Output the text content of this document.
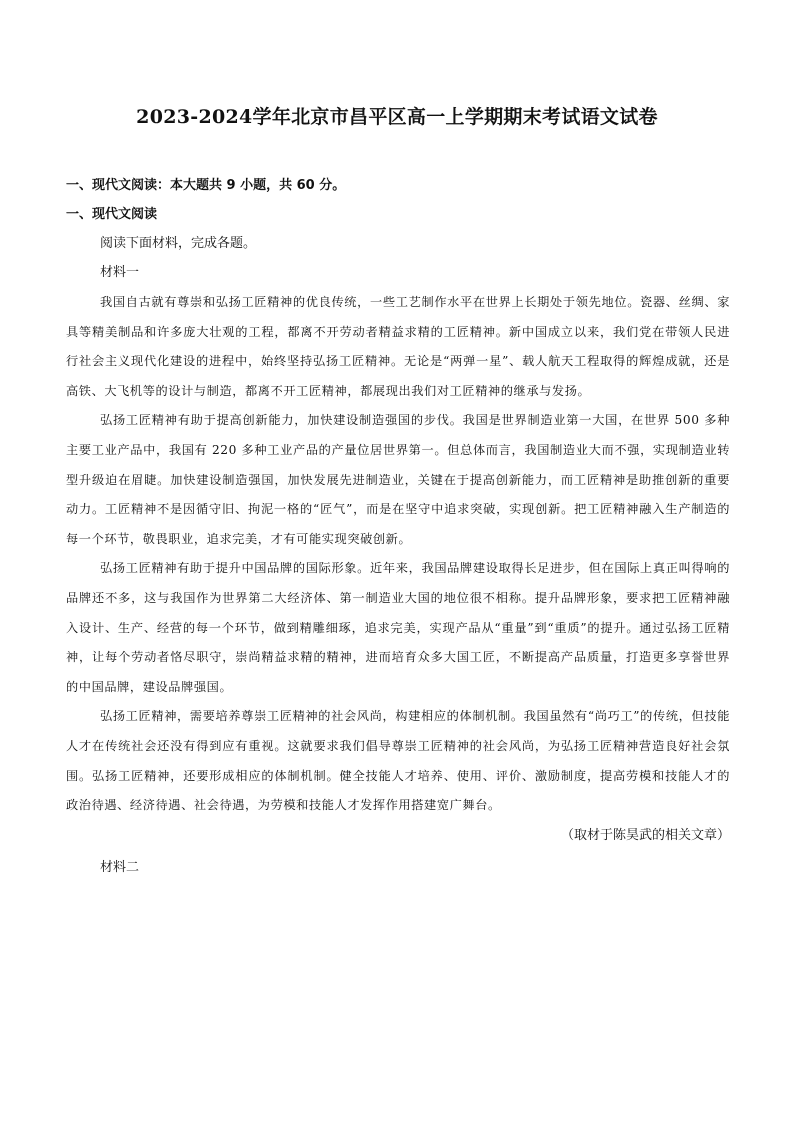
2023-2024学年北京市昌平区高一上学期期末考试语文试卷

一、现代文阅读：本大题共 9 小题，共 60 分。

一、现代文阅读

阅读下面材料，完成各题。

材料一

我国自古就有尊崇和弘扬工匠精神的优良传统，一些工艺制作水平在世界上长期处于领先地位。瓷器、丝绸、家具等精美制品和许多庞大壮观的工程，都离不开劳动者精益求精的工匠精神。新中国成立以来，我们党在带领人民进行社会主义现代化建设的进程中，始终坚持弘扬工匠精神。无论是“两弹一星”、载人航天工程取得的辉煌成就，还是高铁、大飞机等的设计与制造，都离不开工匠精神，都展现出我们对工匠精神的继承与发扬。

弘扬工匠精神有助于提高创新能力，加快建设制造强国的步伐。我国是世界制造业第一大国，在世界 500 多种主要工业产品中，我国有 220 多种工业产品的产量位居世界第一。但总体而言，我国制造业大而不强，实现制造业转型升级迫在眉睫。加快建设制造强国，加快发展先进制造业，关键在于提高创新能力，而工匠精神是助推创新的重要动力。工匠精神不是因循守旧、拘泥一格的“匠气”，而是在坚守中追求突破，实现创新。把工匠精神融入生产制造的每一个环节，敬畏职业，追求完美，才有可能实现突破创新。

弘扬工匠精神有助于提升中国品牌的国际形象。近年来，我国品牌建设取得长足进步，但在国际上真正叫得响的品牌还不多，这与我国作为世界第二大经济体、第一制造业大国的地位很不相称。提升品牌形象，要求把工匠精神融入设计、生产、经营的每一个环节，做到精雕细琢，追求完美，实现产品从“重量”到“重质”的提升。通过弘扬工匠精神，让每个劳动者恪尽职守，崇尚精益求精的精神，进而培育众多大国工匠，不断提高产品质量，打造更多享誉世界的中国品牌，建设品牌强国。

弘扬工匠精神，需要培养尊崇工匠精神的社会风尚，构建相应的体制机制。我国虽然有“尚巧工”的传统，但技能人才在传统社会还没有得到应有重视。这就要求我们倡导尊崇工匠精神的社会风尚，为弘扬工匠精神营造良好社会氛围。弘扬工匠精神，还要形成相应的体制机制。健全技能人才培养、使用、评价、激励制度，提高劳模和技能人才的政治待遇、经济待遇、社会待遇，为劳模和技能人才发挥作用搭建宽广舞台。

（取材于陈昊武的相关文章）

材料二
